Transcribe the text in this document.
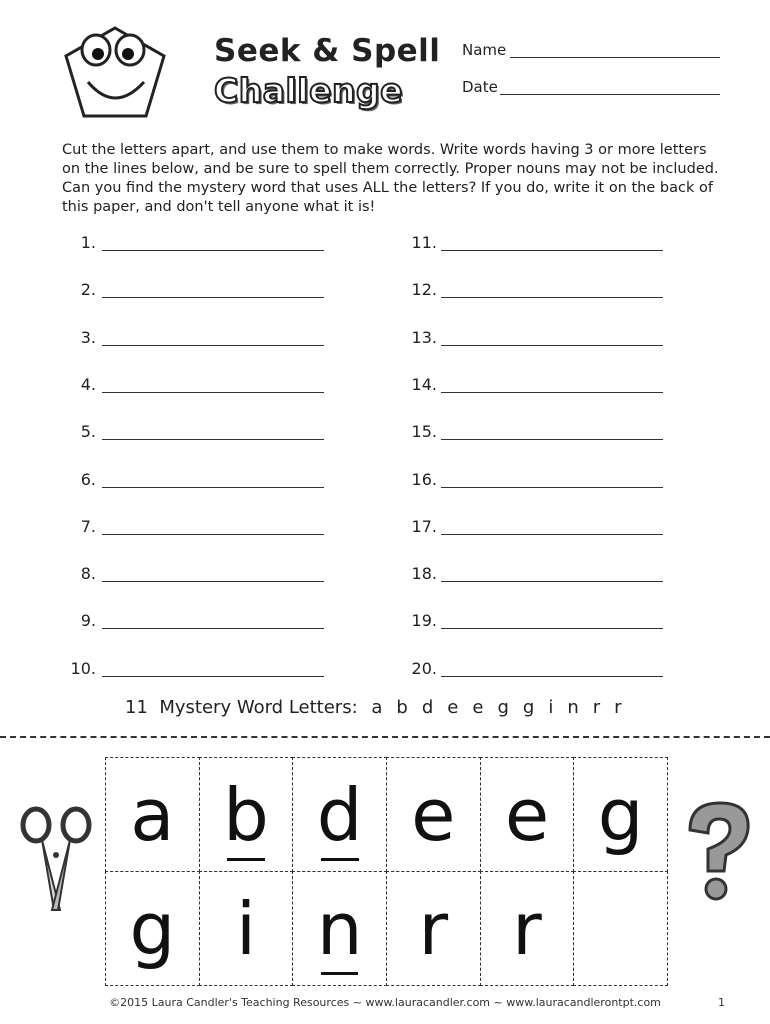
Seek & Spell
Challenge
Name
Date
Cut the letters apart, and use them to make words. Write words having 3 or more letters on the lines below, and be sure to spell them correctly. Proper nouns may not be included. Can you find the mystery word that uses ALL the letters? If you do, write it on the back of this paper, and don't tell anyone what it is!
1.
2.
3.
4.
5.
6.
7.
8.
9.
10.
11.
12.
13.
14.
15.
16.
17.
18.
19.
20.
11 Mystery Word Letters: a b d e e g g i n r r
a b d e e g
g i n r r
©2015 Laura Candler's Teaching Resources ~ www.lauracandler.com ~ www.lauracandlerontpt.com	1
